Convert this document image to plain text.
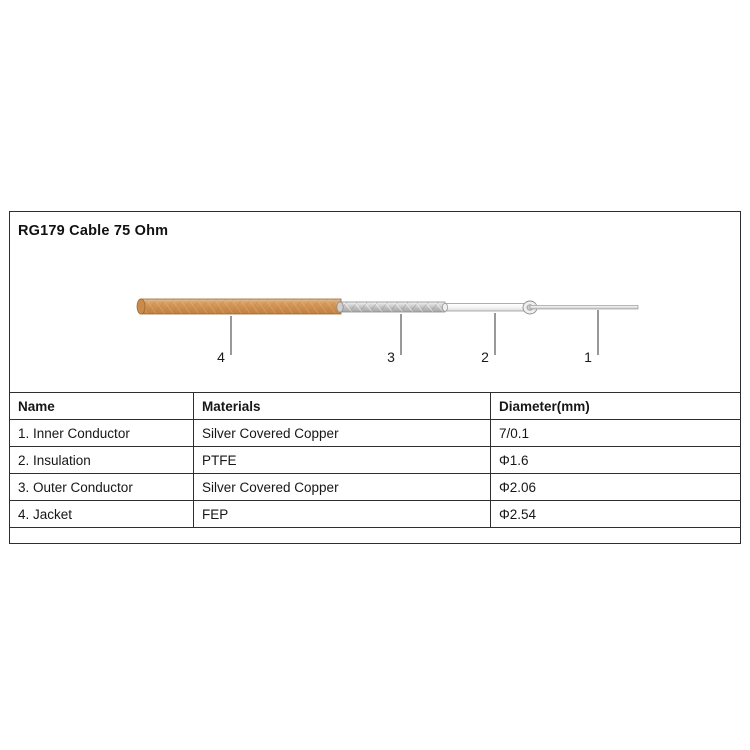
RG179 Cable 75 Ohm
1
2
3
4
Name	Materials	Diameter(mm)
1. Inner Conductor	Silver Covered Copper	7/0.1
2. Insulation	PTFE	Φ1.6
3. Outer Conductor	Silver Covered Copper	Φ2.06
4. Jacket	FEP	Φ2.54
